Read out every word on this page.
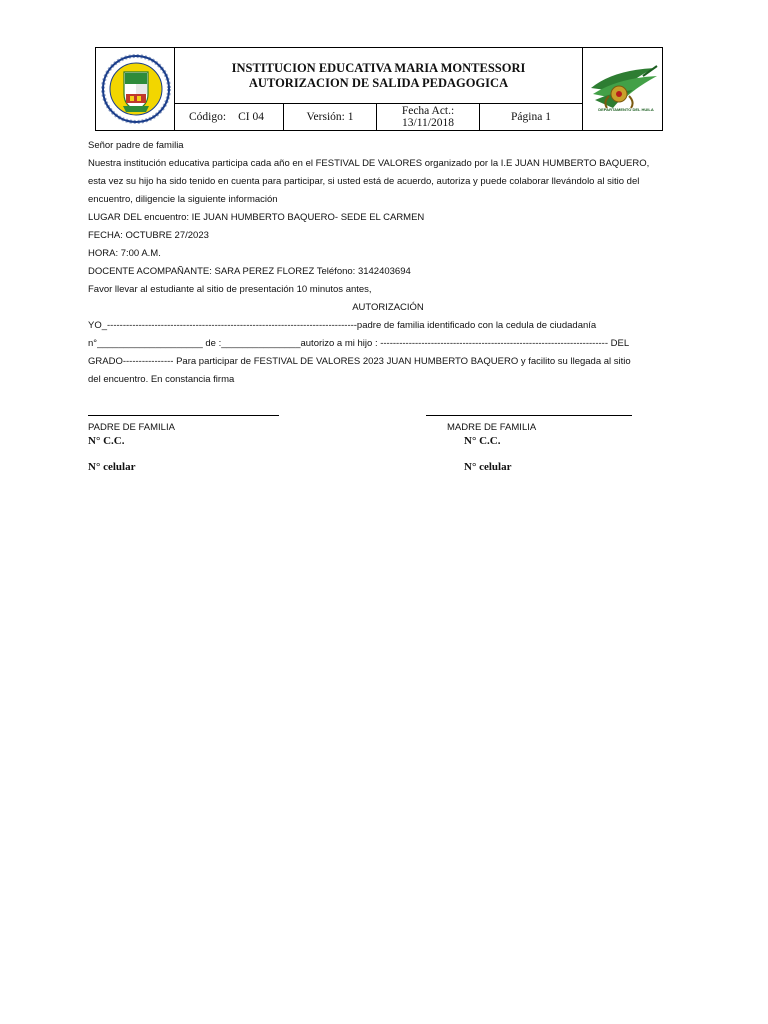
INSTITUCION EDUCATIVA MARIA MONTESSORI
AUTORIZACION DE SALIDA PEDAGOGICA
Código: CI 04	Versión: 1	Fecha Act.:
13/11/2018	Página 1
DEPARTAMENTO DEL HUILA
Señor padre de familia
Nuestra institución educativa participa cada año en el FESTIVAL DE VALORES organizado por la I.E JUAN HUMBERTO BAQUERO,
esta vez su hijo ha sido tenido en cuenta para participar, si usted está de acuerdo, autoriza y puede colaborar llevándolo al sitio del
encuentro, diligencie la siguiente información
LUGAR DEL encuentro: IE JUAN HUMBERTO BAQUERO- SEDE EL CARMEN
FECHA: OCTUBRE 27/2023
HORA: 7:00 A.M.
DOCENTE ACOMPAÑANTE: SARA PEREZ FLOREZ Teléfono: 3142403694
Favor llevar al estudiante al sitio de presentación 10 minutos antes,
AUTORIZACIÓN
YO_-------------------------------------------------------------------------------padre de familia identificado con la cedula de ciudadanía
n°____________________ de :_______________autorizo a mi hijo : ------------------------------------------------------------------------ DEL
GRADO---------------- Para participar de FESTIVAL DE VALORES 2023 JUAN HUMBERTO BAQUERO y facilito su llegada al sitio
del encuentro. En constancia firma
PADRE DE FAMILIA
N° C.C.
N° celular
MADRE DE FAMILIA
N° C.C.
N° celular
